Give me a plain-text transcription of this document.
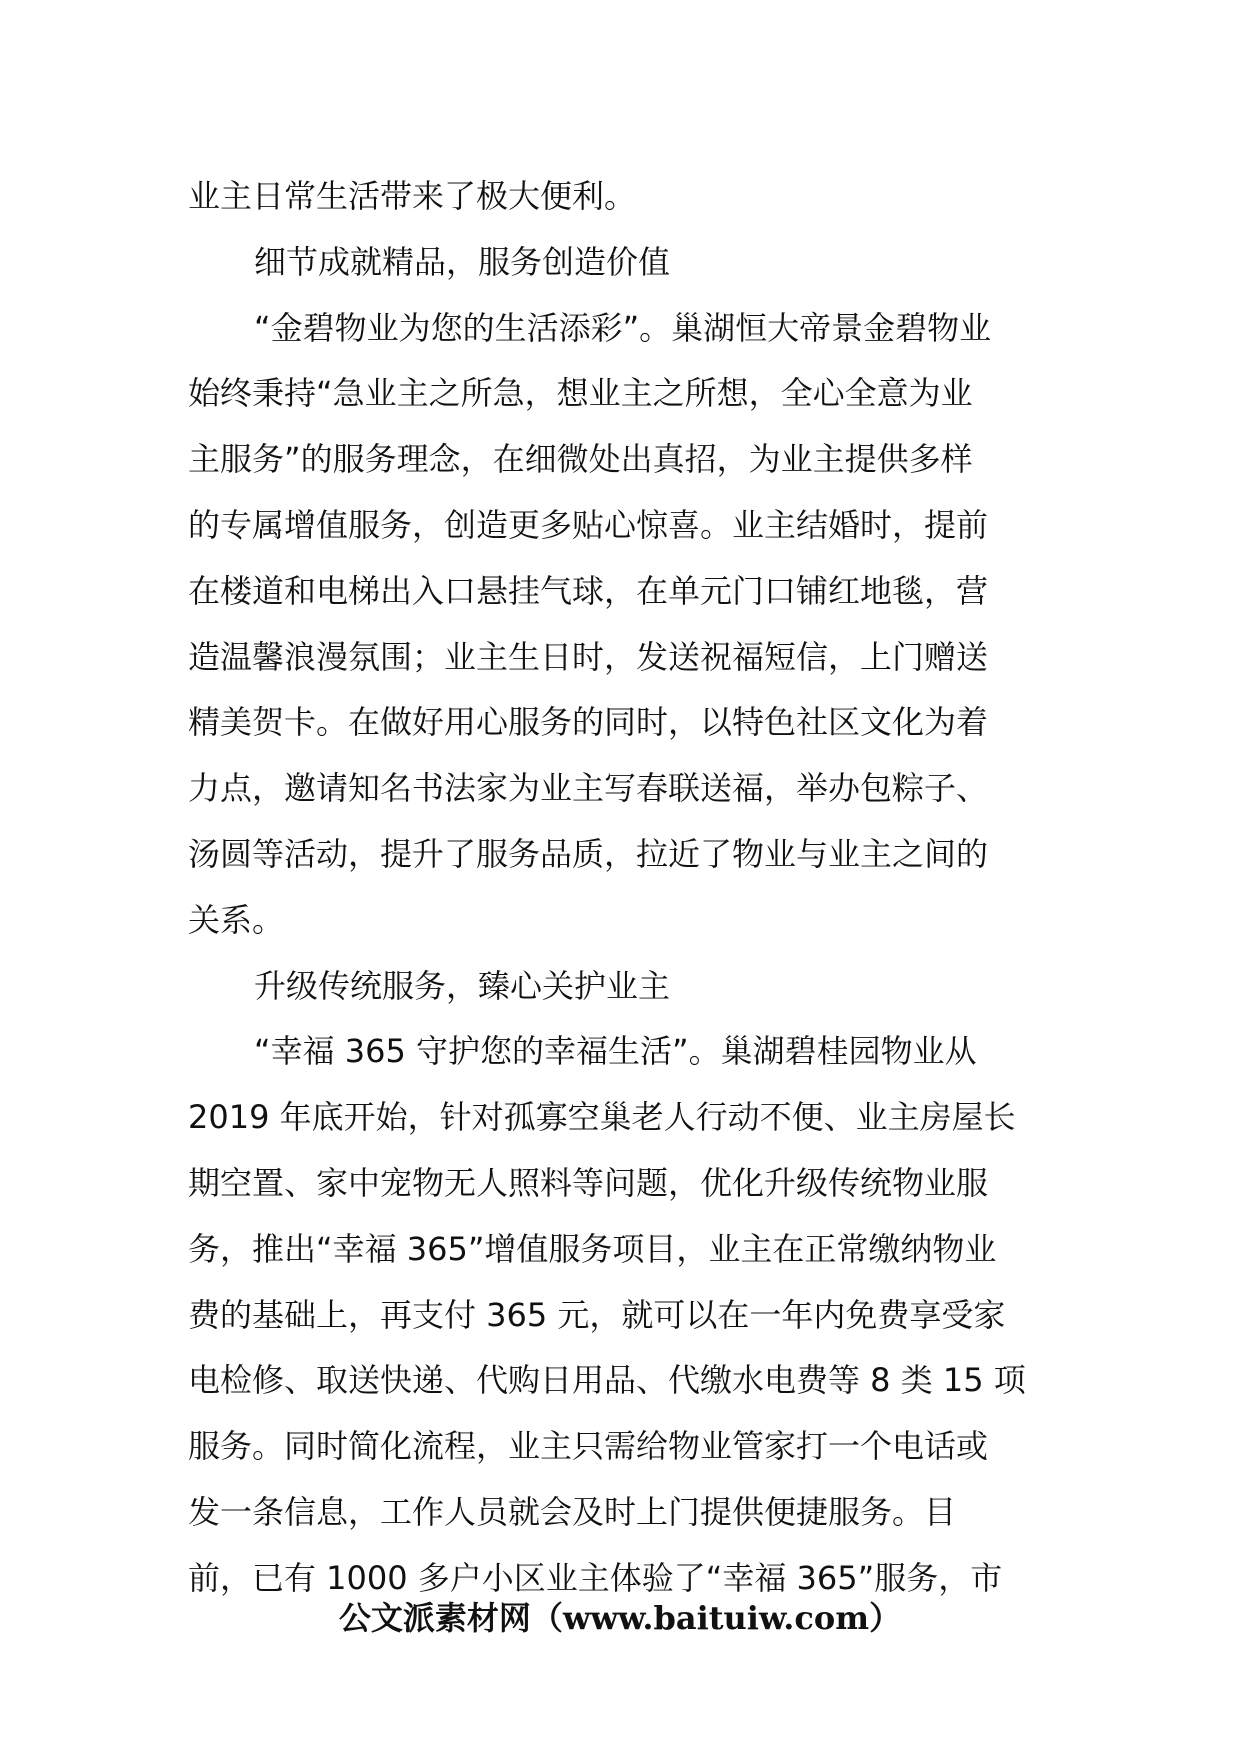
业主日常生活带来了极大便利。
细节成就精品，服务创造价值
“金碧物业为您的生活添彩”。巢湖恒大帝景金碧物业
始终秉持“急业主之所急，想业主之所想，全心全意为业
主服务”的服务理念，在细微处出真招，为业主提供多样
的专属增值服务，创造更多贴心惊喜。业主结婚时，提前
在楼道和电梯出入口悬挂气球，在单元门口铺红地毯，营
造温馨浪漫氛围；业主生日时，发送祝福短信，上门赠送
精美贺卡。在做好用心服务的同时，以特色社区文化为着
力点，邀请知名书法家为业主写春联送福，举办包粽子、
汤圆等活动，提升了服务品质，拉近了物业与业主之间的
关系。
升级传统服务，臻心关护业主
“幸福 365 守护您的幸福生活”。巢湖碧桂园物业从
2019 年底开始，针对孤寡空巢老人行动不便、业主房屋长
期空置、家中宠物无人照料等问题，优化升级传统物业服
务，推出“幸福 365”增值服务项目，业主在正常缴纳物业
费的基础上，再支付 365 元，就可以在一年内免费享受家
电检修、取送快递、代购日用品、代缴水电费等 8 类 15 项
服务。同时简化流程，业主只需给物业管家打一个电话或
发一条信息，工作人员就会及时上门提供便捷服务。目
前，已有 1000 多户小区业主体验了“幸福 365”服务，市
公文派素材网（www.baituiw.com）
